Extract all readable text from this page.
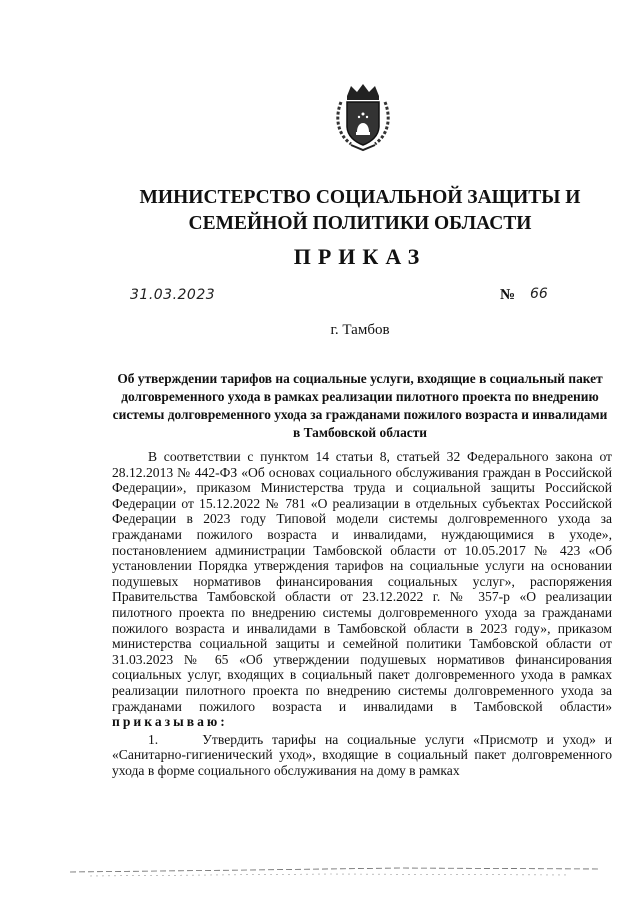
МИНИСТЕРСТВО СОЦИАЛЬНОЙ ЗАЩИТЫ И
СЕМЕЙНОЙ ПОЛИТИКИ ОБЛАСТИ
ПРИКАЗ
31.03.2023	№ 66
г. Тамбов
Об утверждении тарифов на социальные услуги, входящие в социальный пакет долговременного ухода в рамках реализации пилотного проекта по внедрению системы долговременного ухода за гражданами пожилого возраста и инвалидами в Тамбовской области

В соответствии с пунктом 14 статьи 8, статьей 32 Федерального закона от 28.12.2013 № 442-ФЗ «Об основах социального обслуживания граждан в Российской Федерации», приказом Министерства труда и социальной защиты Российской Федерации от 15.12.2022 № 781 «О реализации в отдельных субъектах Российской Федерации в 2023 году Типовой модели системы долговременного ухода за гражданами пожилого возраста и инвалидами, нуждающимися в уходе», постановлением администрации Тамбовской области от 10.05.2017 № 423 «Об установлении Порядка утверждения тарифов на социальные услуги на основании подушевых нормативов финансирования социальных услуг», распоряжения Правительства Тамбовской области от 23.12.2022 г. № 357-р «О реализации пилотного проекта по внедрению системы долговременного ухода за гражданами пожилого возраста и инвалидами в Тамбовской области в 2023 году», приказом министерства социальной защиты и семейной политики Тамбовской области от 31.03.2023 № 65 «Об утверждении подушевых нормативов финансирования социальных услуг, входящих в социальный пакет долговременного ухода в рамках реализации пилотного проекта по внедрению системы долговременного ухода за гражданами пожилого возраста и инвалидами в Тамбовской области» приказываю:

1.     Утвердить тарифы на социальные услуги «Присмотр и уход» и «Санитарно-гигиенический уход», входящие в социальный пакет долговременного ухода в форме социального обслуживания на дому в рамках
